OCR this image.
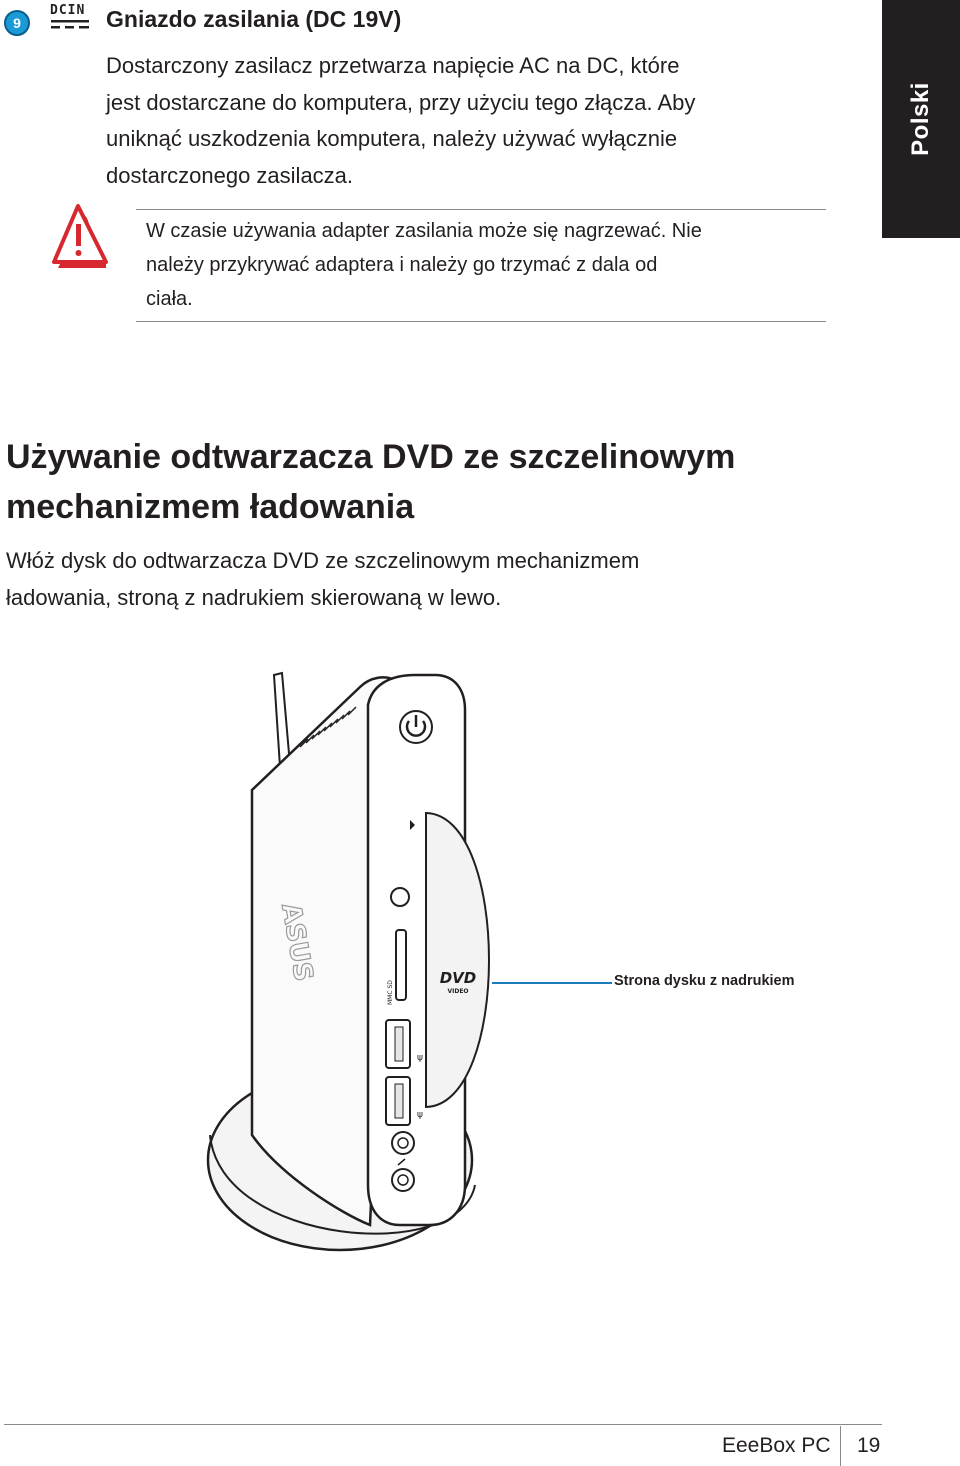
9
DCIN Gniazdo zasilania (DC 19V)
Dostarczony zasilacz przetwarza napięcie AC na DC, które
jest dostarczane do komputera, przy użyciu tego złącza. Aby
uniknąć uszkodzenia komputera, należy używać wyłącznie
dostarczonego zasilacza.
Polski
W czasie używania adapter zasilania może się nagrzewać. Nie
należy przykrywać adaptera i należy go trzymać z dala od
ciała.
Używanie odtwarzacza DVD ze szczelinowym
mechanizmem ładowania
Włóż dysk do odtwarzacza DVD ze szczelinowym mechanizmem
ładowania, stroną z nadrukiem skierowaną w lewo.
ASUS	DVD
VIDEO
MMC SD
ψ
ψ
Strona dysku z nadrukiem
EeeBox PC 19
